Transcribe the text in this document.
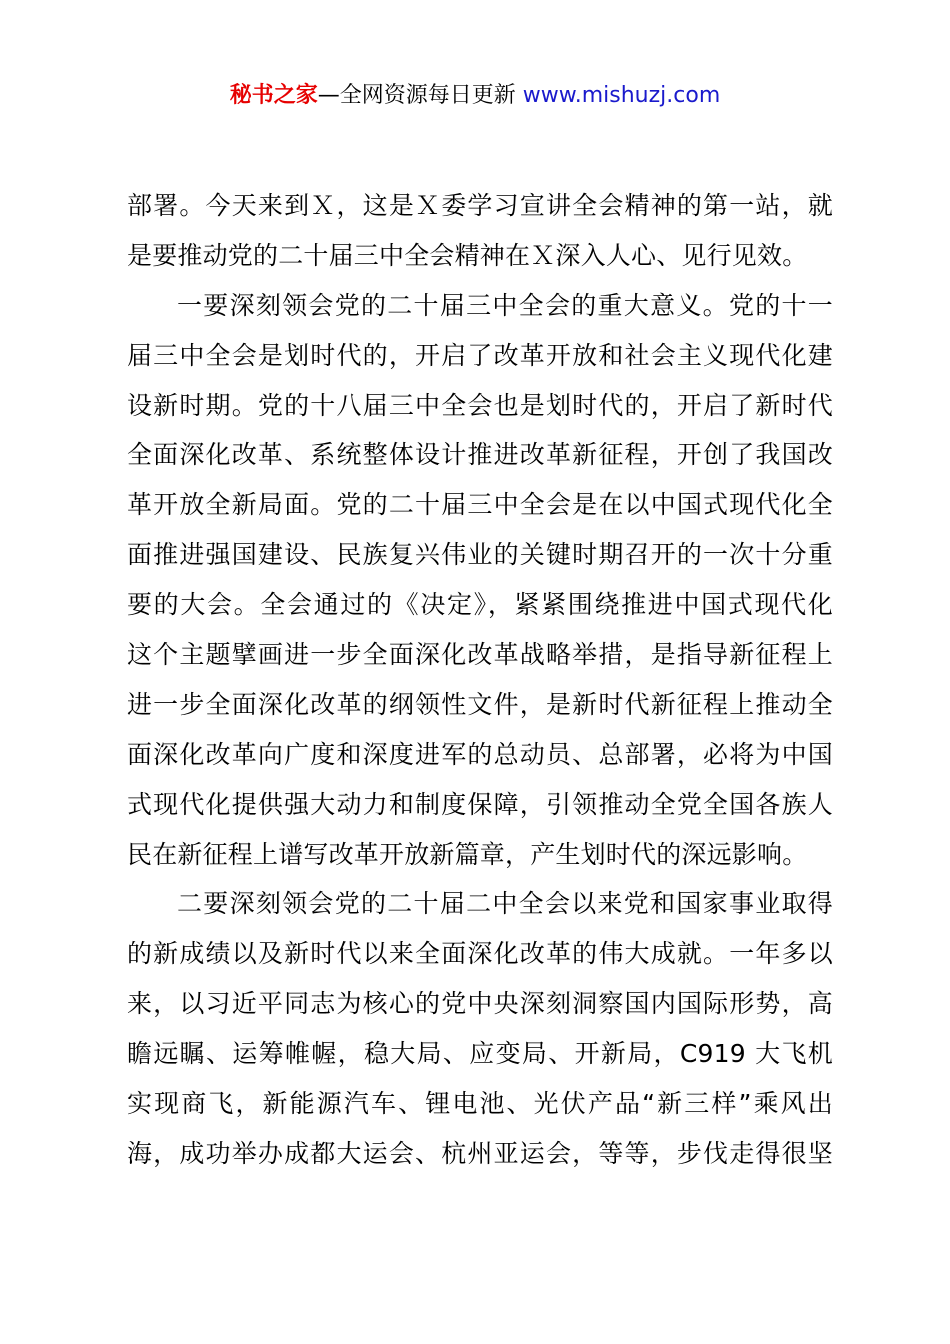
秘书之家—全网资源每日更新 www.mishuzj.com
部署。今天来到Ｘ，这是Ｘ委学习宣讲全会精神的第一站，就
是要推动党的二十届三中全会精神在Ｘ深入人心、见行见效。
一要深刻领会党的二十届三中全会的重大意义。党的十一
届三中全会是划时代的，开启了改革开放和社会主义现代化建
设新时期。党的十八届三中全会也是划时代的，开启了新时代
全面深化改革、系统整体设计推进改革新征程，开创了我国改
革开放全新局面。党的二十届三中全会是在以中国式现代化全
面推进强国建设、民族复兴伟业的关键时期召开的一次十分重
要的大会。全会通过的《决定》，紧紧围绕推进中国式现代化
这个主题擘画进一步全面深化改革战略举措，是指导新征程上
进一步全面深化改革的纲领性文件，是新时代新征程上推动全
面深化改革向广度和深度进军的总动员、总部署，必将为中国
式现代化提供强大动力和制度保障，引领推动全党全国各族人
民在新征程上谱写改革开放新篇章，产生划时代的深远影响。
二要深刻领会党的二十届二中全会以来党和国家事业取得
的新成绩以及新时代以来全面深化改革的伟大成就。一年多以
来，以习近平同志为核心的党中央深刻洞察国内国际形势，高
瞻远瞩、运筹帷幄，稳大局、应变局、开新局，C919 大飞机
实现商飞，新能源汽车、锂电池、光伏产品“新三样”乘风出
海，成功举办成都大运会、杭州亚运会，等等，步伐走得很坚
